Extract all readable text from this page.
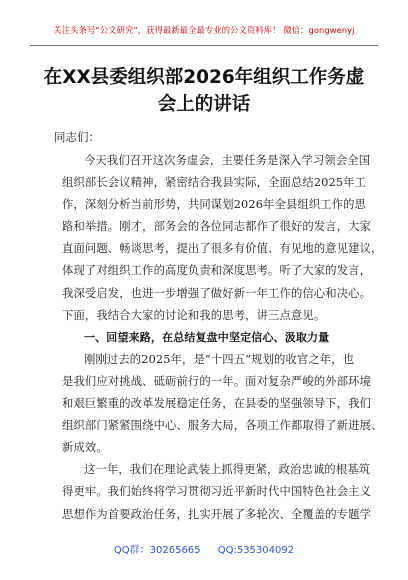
关注头条号“公文研究”，获得最新最全最专业的公文资料库！ 微信：gongwenyj
在XX县委组织部2026年组织工作务虚
会上的讲话
同志们：
今天我们召开这次务虚会，主要任务是深入学习领会全国
组织部长会议精神，紧密结合我县实际，全面总结2025年工
作，深刻分析当前形势，共同谋划2026年全县组织工作的思
路和举措。刚才，部务会的各位同志都作了很好的发言，大家
直面问题、畅谈思考，提出了很多有价值、有见地的意见建议，
体现了对组织工作的高度负责和深度思考。听了大家的发言，
我深受启发，也进一步增强了做好新一年工作的信心和决心。
下面，我结合大家的讨论和我的思考，讲三点意见。
一、回望来路，在总结复盘中坚定信心、汲取力量
刚刚过去的2025年，是“十四五”规划的收官之年，也
是我们应对挑战、砥砺前行的一年。面对复杂严峻的外部环境
和艰巨繁重的改革发展稳定任务，在县委的坚强领导下，我们
组织部门紧紧围绕中心、服务大局，各项工作都取得了新进展、
新成效。
这一年，我们在理论武装上抓得更紧，政治忠诚的根基筑
得更牢。我们始终将学习贯彻习近平新时代中国特色社会主义
思想作为首要政治任务，扎实开展了多轮次、全覆盖的专题学
QQ群：30265665 QQ:535304092
